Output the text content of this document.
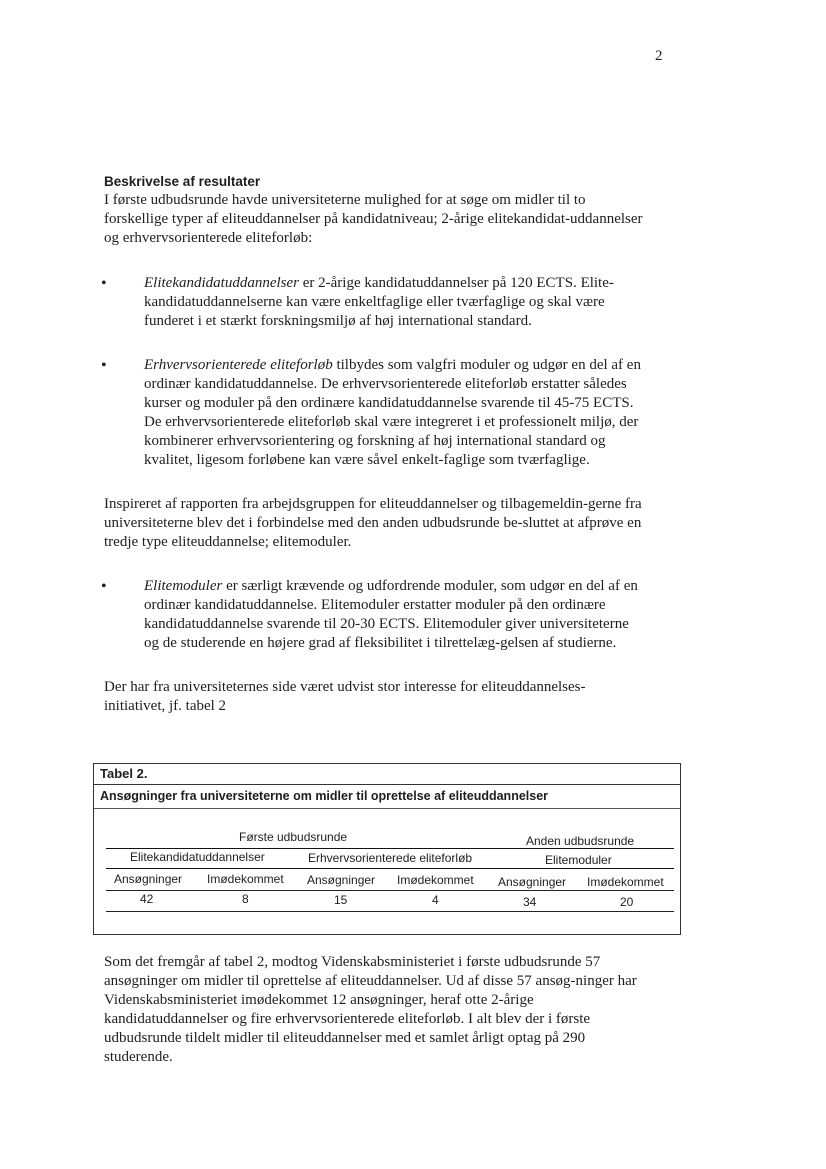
2
Beskrivelse af resultater

I første udbudsrunde havde universiteterne mulighed for at søge om midler til to forskellige typer af eliteuddannelser på kandidatniveau; 2-årige elitekandidat-uddannelser og erhvervsorienterede eliteforløb:

• Elitekandidatuddannelser er 2-årige kandidatuddannelser på 120 ECTS. Elite-kandidatuddannelserne kan være enkeltfaglige eller tværfaglige og skal være funderet i et stærkt forskningsmiljø af høj international standard.
• Erhvervsorienterede eliteforløb tilbydes som valgfri moduler og udgør en del af en ordinær kandidatuddannelse. De erhvervsorienterede eliteforløb erstatter således kurser og moduler på den ordinære kandidatuddannelse svarende til 45-75 ECTS. De erhvervsorienterede eliteforløb skal være integreret i et professionelt miljø, der kombinerer erhvervsorientering og forskning af høj international standard og kvalitet, ligesom forløbene kan være såvel enkelt-faglige som tværfaglige.

Inspireret af rapporten fra arbejdsgruppen for eliteuddannelser og tilbagemeldin-gerne fra universiteterne blev det i forbindelse med den anden udbudsrunde be-sluttet at afprøve en tredje type eliteuddannelse; elitemoduler.

• Elitemoduler er særligt krævende og udfordrende moduler, som udgør en del af en ordinær kandidatuddannelse. Elitemoduler erstatter moduler på den ordinære kandidatuddannelse svarende til 20-30 ECTS. Elitemoduler giver universiteterne og de studerende en højere grad af fleksibilitet i tilrettelæg-gelsen af studierne.

Der har fra universiteternes side været udvist stor interesse for eliteuddannelses-initiativet, jf. tabel 2

Tabel 2.
Ansøgninger fra universiteterne om midler til oprettelse af eliteuddannelser
Første udbudsrunde	Anden udbudsrunde
Elitekandidatuddannelser	Erhvervsorienterede eliteforløb	Elitemoduler
Ansøgninger Imødekommet Ansøgninger Imødekommet Ansøgninger Imødekommet
42	8	15	4	34	20

Som det fremgår af tabel 2, modtog Videnskabsministeriet i første udbudsrunde 57 ansøgninger om midler til oprettelse af eliteuddannelser. Ud af disse 57 ansøg-ninger har Videnskabsministeriet imødekommet 12 ansøgninger, heraf otte 2-årige kandidatuddannelser og fire erhvervsorienterede eliteforløb. I alt blev der i første udbudsrunde tildelt midler til eliteuddannelser med et samlet årligt optag på 290 studerende.
